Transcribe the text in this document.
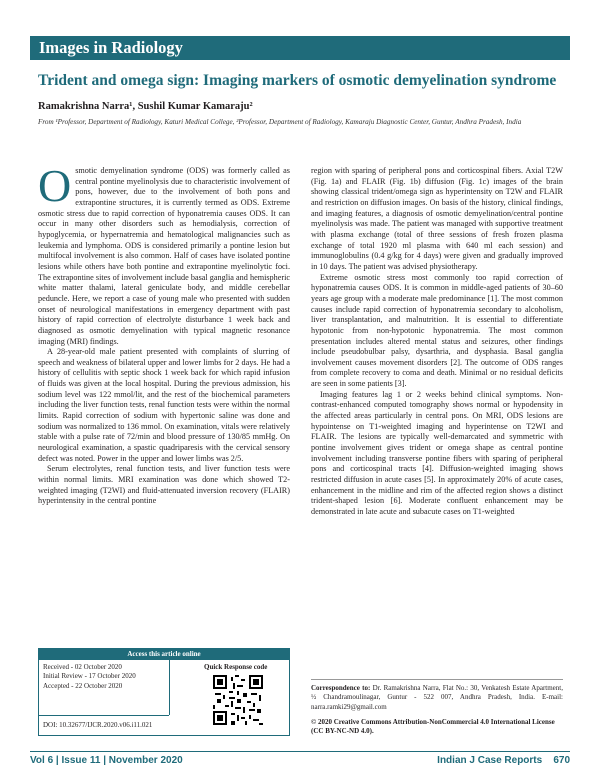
Images in Radiology
Trident and omega sign: Imaging markers of osmotic demyelination syndrome
Ramakrishna Narra¹, Sushil Kumar Kamaraju²
From ¹Professor, Department of Radiology, Katuri Medical College, ²Professor, Department of Radiology, Kamaraju Diagnostic Center, Guntur, Andhra Pradesh, India

Osmotic demyelination syndrome (ODS) was formerly called as central pontine myelinolysis due to characteristic involvement of pons, however, due to the involvement of both pons and extrapontine structures, it is currently termed as ODS. Extreme osmotic stress due to rapid correction of hyponatremia causes ODS. It can occur in many other disorders such as hemodialysis, correction of hypoglycemia, or hypernatremia and hematological malignancies such as leukemia and lymphoma. ODS is considered primarily a pontine lesion but multifocal involvement is also common. Half of cases have isolated pontine lesions while others have both pontine and extrapontine myelinolytic foci. The extrapontine sites of involvement include basal ganglia and hemispheric white matter thalami, lateral geniculate body, and middle cerebellar peduncle. Here, we report a case of young male who presented with sudden onset of neurological manifestations in emergency department with past history of rapid correction of electrolyte disturbance 1 week back and diagnosed as osmotic demyelination with typical magnetic resonance imaging (MRI) findings.

A 28-year-old male patient presented with complaints of slurring of speech and weakness of bilateral upper and lower limbs for 2 days. He had a history of cellulitis with septic shock 1 week back for which rapid infusion of fluids was given at the local hospital. During the previous admission, his sodium level was 122 mmol/lit, and the rest of the biochemical parameters including the liver function tests, renal function tests were within the normal limits. Rapid correction of sodium with hypertonic saline was done and sodium was normalized to 136 mmol. On examination, vitals were relatively stable with a pulse rate of 72/min and blood pressure of 130/85 mmHg. On neurological examination, a spastic quadriparesis with the cervical sensory defect was noted. Power in the upper and lower limbs was 2/5.

Serum electrolytes, renal function tests, and liver function tests were within normal limits. MRI examination was done which showed T2-weighted imaging (T2WI) and fluid-attenuated inversion recovery (FLAIR) hyperintensity in the central pontine

region with sparing of peripheral pons and corticospinal fibers. Axial T2W (Fig. 1a) and FLAIR (Fig. 1b) diffusion (Fig. 1c) images of the brain showing classical trident/omega sign as hyperintensity on T2W and FLAIR and restriction on diffusion images. On basis of the history, clinical findings, and imaging features, a diagnosis of osmotic demyelination/central pontine myelinolysis was made. The patient was managed with supportive treatment with plasma exchange (total of three sessions of fresh frozen plasma exchange of total 1920 ml plasma with 640 ml each session) and immunoglobulins (0.4 g/kg for 4 days) were given and gradually improved in 10 days. The patient was advised physiotherapy.

Extreme osmotic stress most commonly too rapid correction of hyponatremia causes ODS. It is common in middle-aged patients of 30–60 years age group with a moderate male predominance [1]. The most common causes include rapid correction of hyponatremia secondary to alcoholism, liver transplantation, and malnutrition. It is essential to differentiate hypotonic from non-hypotonic hyponatremia. The most common presentation includes altered mental status and seizures, other findings include pseudobulbar palsy, dysarthria, and dysphasia. Basal ganglia involvement causes movement disorders [2]. The outcome of ODS ranges from complete recovery to coma and death. Minimal or no residual deficits are seen in some patients [3].

Imaging features lag 1 or 2 weeks behind clinical symptoms. Non-contrast-enhanced computed tomography shows normal or hypodensity in the affected areas particularly in central pons. On MRI, ODS lesions are hypointense on T1-weighted imaging and hyperintense on T2WI and FLAIR. The lesions are typically well-demarcated and symmetric with pontine involvement gives trident or omega shape as central pontine involvement including transverse pontine fibers with sparing of peripheral pons and corticospinal tracts [4]. Diffusion-weighted imaging shows restricted diffusion in acute cases [5]. In approximately 20% of acute cases, enhancement in the midline and rim of the affected region shows a distinct trident-shaped lesion [6]. Moderate confluent enhancement may be demonstrated in late acute and subacute cases on T1-weighted

Access this article online
Received - 02 October 2020
Initial Review - 17 October 2020
Accepted - 22 October 2020
Quick Response code
DOI: 10.32677/IJCR.2020.v06.i11.021
Correspondence to: Dr. Ramakrishna Narra, Flat No.: 30, Venkatesh Estate Apartment, ½ Chandramoulinagar, Guntur - 522 007, Andhra Pradesh, India. E-mail: narra.ramki29@gmail.com
© 2020 Creative Commons Attribution-NonCommercial 4.0 International License (CC BY-NC-ND 4.0).
Vol 6 | Issue 11 | November 2020	Indian J Case Reports    670
